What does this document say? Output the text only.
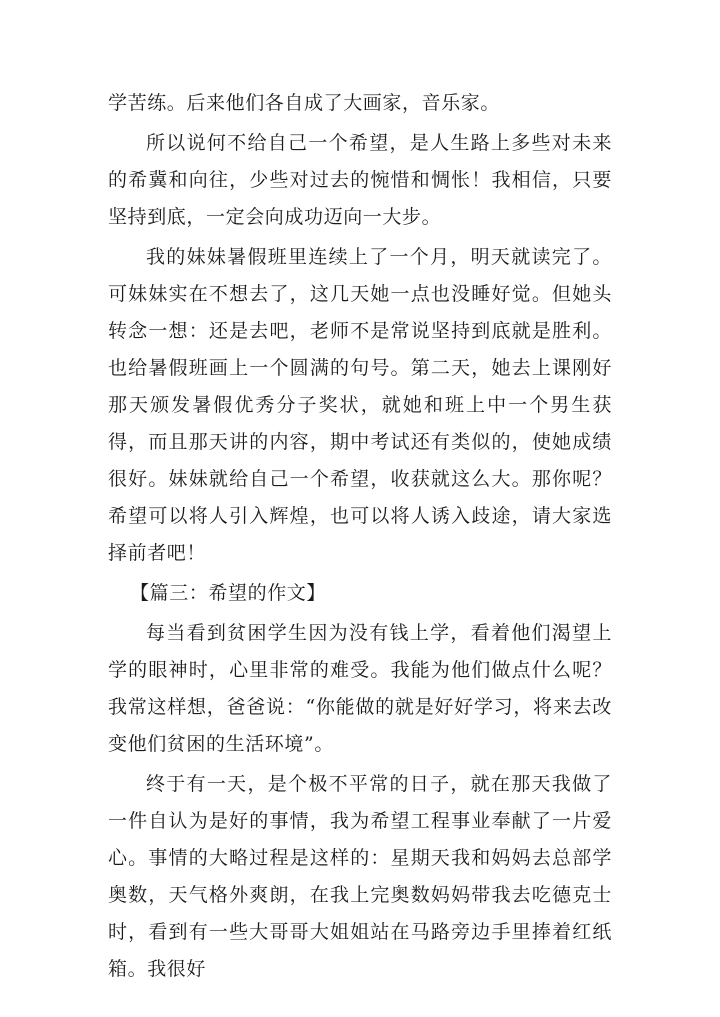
学苦练。后来他们各自成了大画家，音乐家。

所以说何不给自己一个希望，是人生路上多些对未来的希冀和向往，少些对过去的惋惜和惆怅！我相信，只要坚持到底，一定会向成功迈向一大步。

我的妹妹暑假班里连续上了一个月，明天就读完了。可妹妹实在不想去了，这几天她一点也没睡好觉。但她头转念一想：还是去吧，老师不是常说坚持到底就是胜利。也给暑假班画上一个圆满的句号。第二天，她去上课刚好那天颁发暑假优秀分子奖状，就她和班上中一个男生获得，而且那天讲的内容，期中考试还有类似的，使她成绩很好。妹妹就给自己一个希望，收获就这么大。那你呢？希望可以将人引入辉煌，也可以将人诱入歧途，请大家选择前者吧！

【篇三：希望的作文】

每当看到贫困学生因为没有钱上学，看着他们渴望上学的眼神时，心里非常的难受。我能为他们做点什么呢？我常这样想，爸爸说：“你能做的就是好好学习，将来去改变他们贫困的生活环境”。

终于有一天，是个极不平常的日子，就在那天我做了一件自认为是好的事情，我为希望工程事业奉献了一片爱心。事情的大略过程是这样的：星期天我和妈妈去总部学奥数，天气格外爽朗，在我上完奥数妈妈带我去吃德克士时，看到有一些大哥哥大姐姐站在马路旁边手里捧着红纸箱。我很好
